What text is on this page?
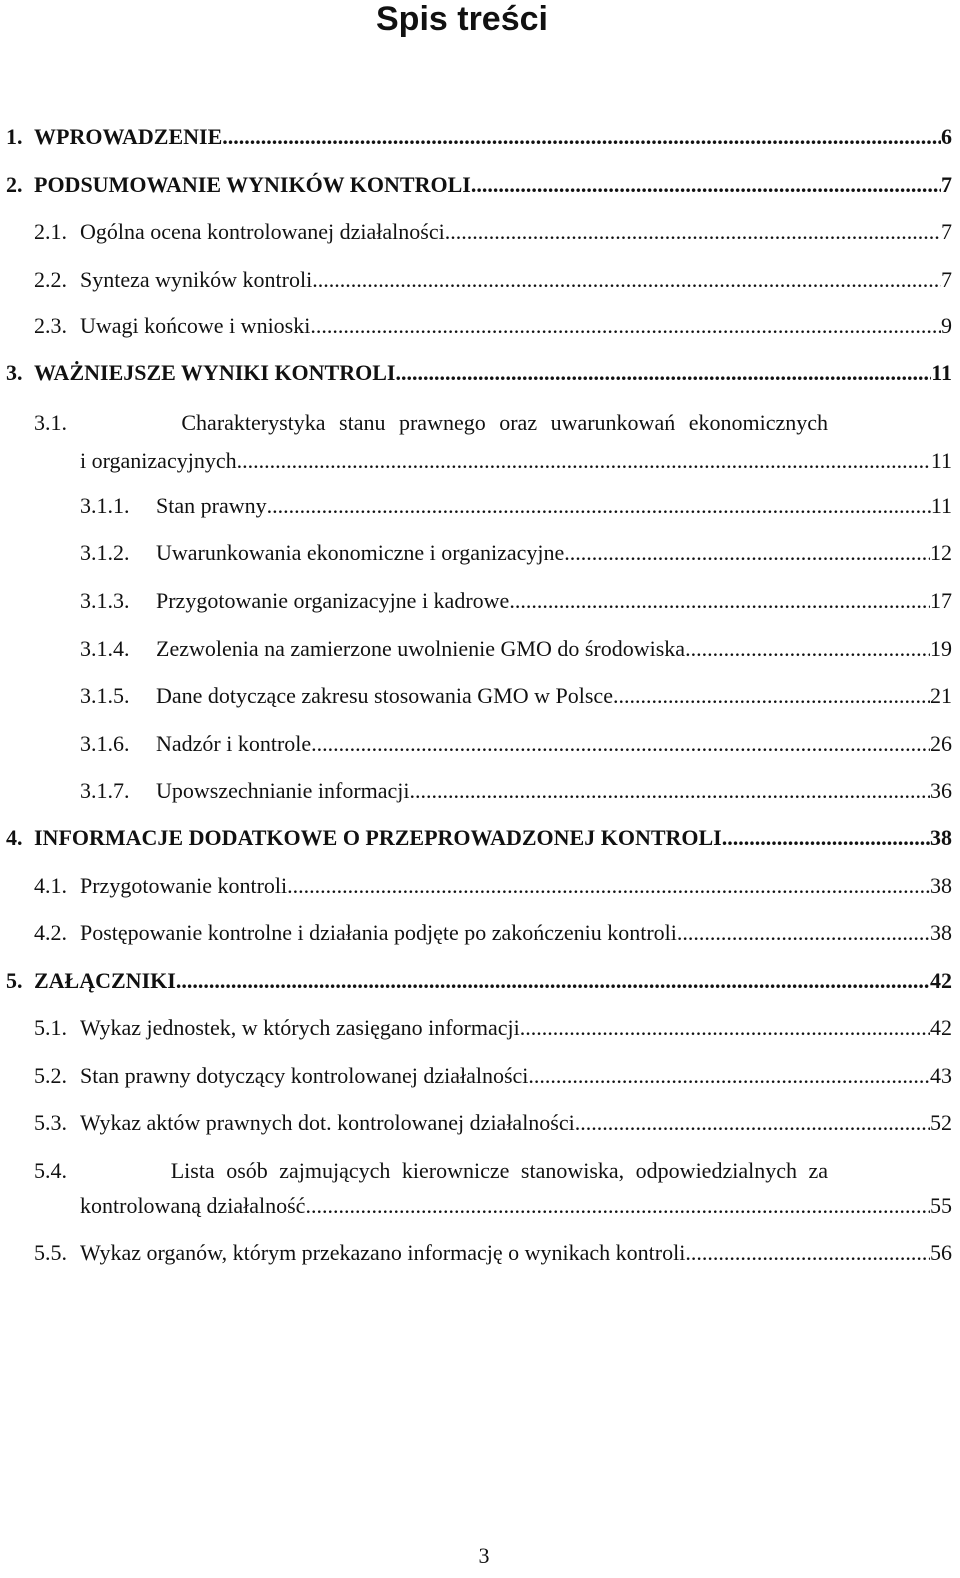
Spis treści
1. WPROWADZENIE .....	6
2. PODSUMOWANIE WYNIKÓW KONTROLI .....	7
2.1. Ogólna ocena kontrolowanej działalności .....	7
2.2. Synteza wyników kontroli .....	7
2.3. Uwagi końcowe i wnioski .....	9
3. WAŻNIEJSZE WYNIKI KONTROLI .....	11
3.1.	Charakterystyka stanu prawnego oraz uwarunkowań ekonomicznych
i organizacyjnych .....	11
3.1.1.	Stan prawny .....	11
3.1.2.	Uwarunkowania ekonomiczne i organizacyjne .....	12
3.1.3.	Przygotowanie organizacyjne i kadrowe .....	17
3.1.4.	Zezwolenia na zamierzone uwolnienie GMO do środowiska .....	19
3.1.5.	Dane dotyczące zakresu stosowania GMO w Polsce .....	21
3.1.6.	Nadzór i kontrole .....	26
3.1.7.	Upowszechnianie informacji .....	36
4. INFORMACJE DODATKOWE O PRZEPROWADZONEJ KONTROLI .....	38
4.1. Przygotowanie kontroli .....	38
4.2. Postępowanie kontrolne i działania podjęte po zakończeniu kontroli .....	38
5. ZAŁĄCZNIKI .....	42
5.1. Wykaz jednostek, w których zasięgano informacji .....	42
5.2. Stan prawny dotyczący kontrolowanej działalności .....	43
5.3. Wykaz aktów prawnych dot. kontrolowanej działalności .....	52
5.4.	Lista osób zajmujących kierownicze stanowiska, odpowiedzialnych za
kontrolowaną działalność .....	55
5.5. Wykaz organów, którym przekazano informację o wynikach kontroli .....	56
3
